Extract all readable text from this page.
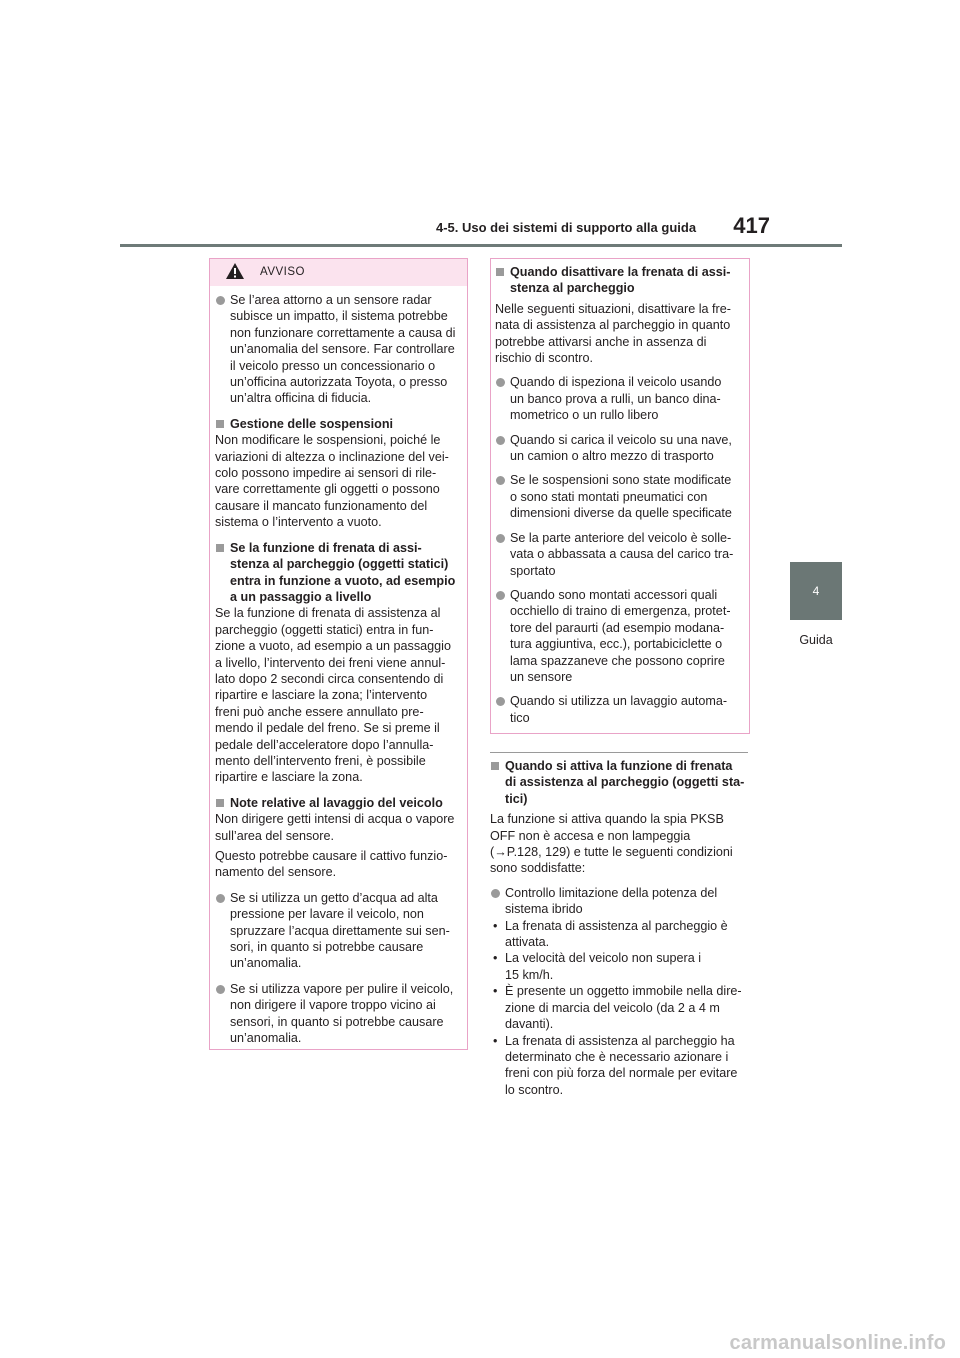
4-5. Uso dei sistemi di supporto alla guida 417
4
Guida
AVVISO
Se l’area attorno a un sensore radar
subisce un impatto, il sistema potrebbe
non funzionare correttamente a causa di
un’anomalia del sensore. Far controllare
il veicolo presso un concessionario o
un’officina autorizzata Toyota, o presso
un’altra officina di fiducia.
Gestione delle sospensioni
Non modificare le sospensioni, poiché le
variazioni di altezza o inclinazione del vei-
colo possono impedire ai sensori di rile-
vare correttamente gli oggetti o possono
causare il mancato funzionamento del
sistema o l’intervento a vuoto.
Se la funzione di frenata di assi-
stenza al parcheggio (oggetti statici)
entra in funzione a vuoto, ad esempio
a un passaggio a livello
Se la funzione di frenata di assistenza al
parcheggio (oggetti statici) entra in fun-
zione a vuoto, ad esempio a un passaggio
a livello, l’intervento dei freni viene annul-
lato dopo 2 secondi circa consentendo di
ripartire e lasciare la zona; l’intervento
freni può anche essere annullato pre-
mendo il pedale del freno. Se si preme il
pedale dell’acceleratore dopo l’annulla-
mento dell’intervento freni, è possibile
ripartire e lasciare la zona.
Note relative al lavaggio del veicolo
Non dirigere getti intensi di acqua o vapore
sull’area del sensore.
Questo potrebbe causare il cattivo funzio-
namento del sensore.
Se si utilizza un getto d’acqua ad alta
pressione per lavare il veicolo, non
spruzzare l’acqua direttamente sui sen-
sori, in quanto si potrebbe causare
un’anomalia.
Se si utilizza vapore per pulire il veicolo,
non dirigere il vapore troppo vicino ai
sensori, in quanto si potrebbe causare
un’anomalia.
Quando disattivare la frenata di assi-
stenza al parcheggio
Nelle seguenti situazioni, disattivare la fre-
nata di assistenza al parcheggio in quanto
potrebbe attivarsi anche in assenza di
rischio di scontro.
Quando di ispeziona il veicolo usando
un banco prova a rulli, un banco dina-
mometrico o un rullo libero
Quando si carica il veicolo su una nave,
un camion o altro mezzo di trasporto
Se le sospensioni sono state modificate
o sono stati montati pneumatici con
dimensioni diverse da quelle specificate
Se la parte anteriore del veicolo è solle-
vata o abbassata a causa del carico tra-
sportato
Quando sono montati accessori quali
occhiello di traino di emergenza, protet-
tore del paraurti (ad esempio modana-
tura aggiuntiva, ecc.), portabiciclette o
lama spazzaneve che possono coprire
un sensore
Quando si utilizza un lavaggio automa-
tico
Quando si attiva la funzione di frenata
di assistenza al parcheggio (oggetti sta-
tici)
La funzione si attiva quando la spia PKSB
OFF non è accesa e non lampeggia
(→P.128, 129) e tutte le seguenti condizioni
sono soddisfatte:
Controllo limitazione della potenza del
sistema ibrido
• La frenata di assistenza al parcheggio è
attivata.
• La velocità del veicolo non supera i
15 km/h.
• È presente un oggetto immobile nella dire-
zione di marcia del veicolo (da 2 a 4 m
davanti).
• La frenata di assistenza al parcheggio ha
determinato che è necessario azionare i
freni con più forza del normale per evitare
lo scontro.
carmanualsonline.info
